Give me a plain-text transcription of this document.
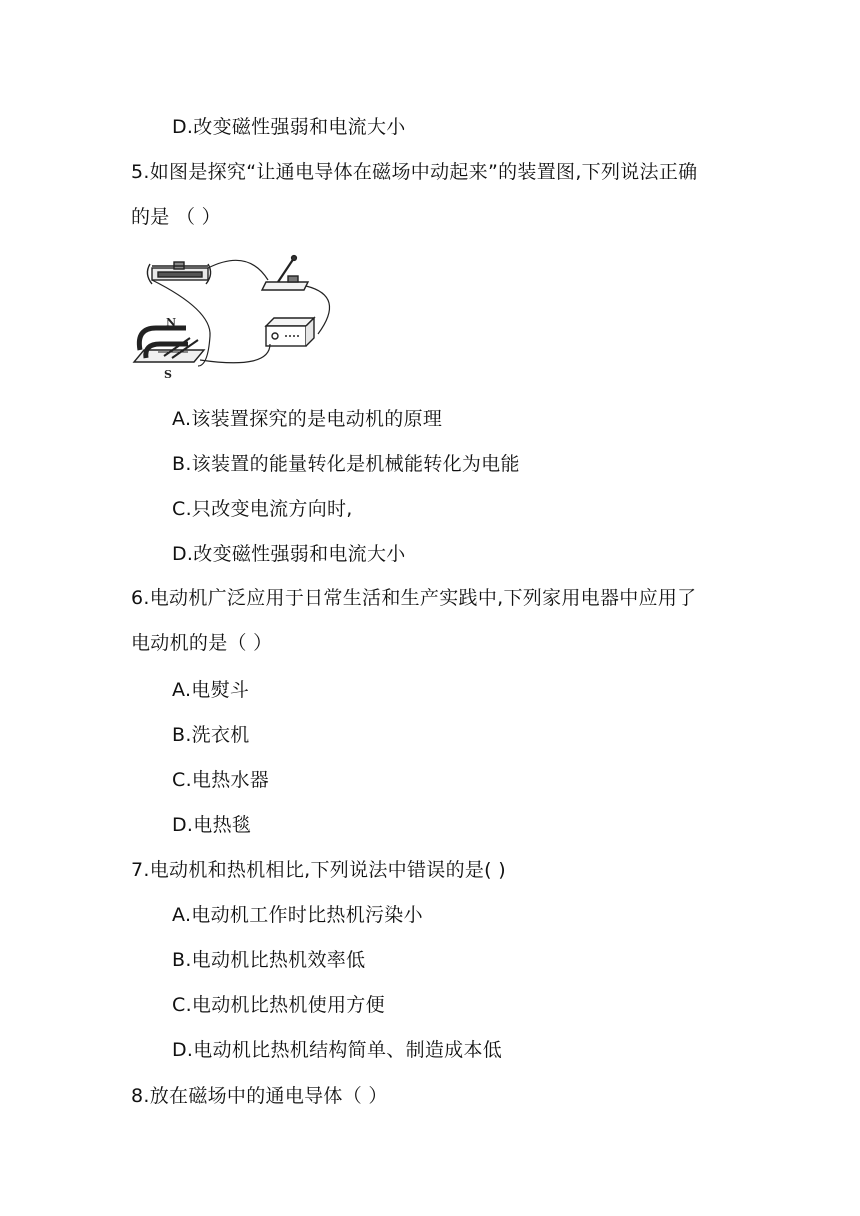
D.改变磁性强弱和电流大小
5.如图是探究“让通电导体在磁场中动起来”的装置图,下列说法正确
的是 （ ）
N
S
A.该装置探究的是电动机的原理
B.该装置的能量转化是机械能转化为电能
C.只改变电流方向时,
D.改变磁性强弱和电流大小
6.电动机广泛应用于日常生活和生产实践中,下列家用电器中应用了
电动机的是（ ）
A.电熨斗
B.洗衣机
C.电热水器
D.电热毯
7.电动机和热机相比,下列说法中错误的是( )
A.电动机工作时比热机污染小
B.电动机比热机效率低
C.电动机比热机使用方便
D.电动机比热机结构简单、制造成本低
8.放在磁场中的通电导体（ ）
